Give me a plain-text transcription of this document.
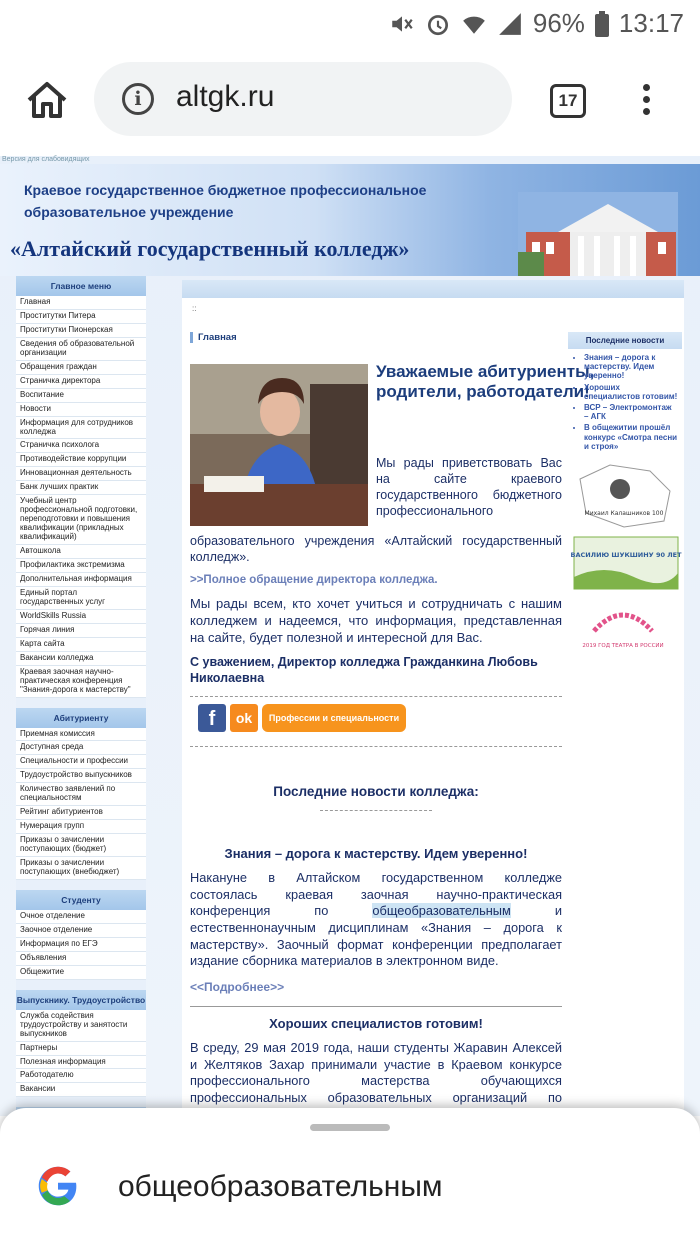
96% 13:17
i	altgk.ru	17
Версия для слабовидящих
Краевое государственное бюджетное профессиональное
образовательное учреждение
«Алтайский государственный колледж»
Главное меню
Главная
Проститутки Питера
Проститутки Пионерская
Сведения об образовательной организации
Обращения граждан
Страничка директора
Воспитание
Новости
Информация для сотрудников колледжа
Страничка психолога
Противодействие коррупции
Инновационная деятельность
Банк лучших практик
Учебный центр профессиональной подготовки, переподготовки и повышения квалификации (прикладных квалификаций)
Автошкола
Профилактика экстремизма
Дополнительная информация
Единый портал государственных услуг
WorldSkills Russia
Горячая линия
Карта сайта
Вакансии колледжа
Краевая заочная научно-практическая конференция "Знания-дорога к мастерству"
Абитуриенту
Приемная комиссия
Доступная среда
Специальности и профессии
Трудоустройство выпускников
Количество заявлений по специальностям
Рейтинг абитуриентов
Нумерация групп
Приказы о зачислении поступающих (бюджет)
Приказы о зачислении поступающих (внебюджет)
Студенту
Очное отделение
Заочное отделение
Информация по ЕГЭ
Объявления
Общежитие
Выпускнику. Трудоустройство
Служба содействия трудоустройству и занятости выпускников
Партнеры
Полезная информация
Работодателю
Вакансии
::
Главная
Уважаемые абитуриенты, родители, работодатели!
Мы рады приветствовать Вас на сайте краевого государственного бюджетного профессионального
образовательного учреждения «Алтайский государственный колледж».
>>Полное обращение директора колледжа.
Мы рады всем, кто хочет учиться и сотрудничать с нашим колледжем и надеемся, что информация, представленная на сайте, будет полезной и интересной для Вас.
С уважением, Директор колледжа Гражданкина Любовь Николаевна
f	ok	Профессии и специальности
Последние новости колледжа:
Знания – дорога к мастерству. Идем уверенно!
Накануне в Алтайском государственном колледже состоялась краевая заочная научно-практическая конференция по общеобразовательным и естественнонаучным дисциплинам «Знания – дорога к мастерству». Заочный формат конференции предполагает издание сборника материалов в электронном виде.
<<Подробнее>>
Хороших специалистов готовим!
В среду, 29 мая 2019 года, наши студенты Жаравин Алексей и Желтяков Захар принимали участие в Краевом конкурсе профессионального мастерства обучающихся профессиональных образовательных организаций по
Последние новости
• Знания – дорога к мастерству. Идем уверенно!
• Хороших специалистов готовим!
• ВСР – Электромонтаж – АГК
• В общежитии прошёл конкурс «Смотра песни и строя»
Михаил Калашников 100
ВАСИЛИЮ ШУКШИНУ 90 ЛЕТ
2019 ГОД ТЕАТРА В РОССИИ
общеобразовательным
